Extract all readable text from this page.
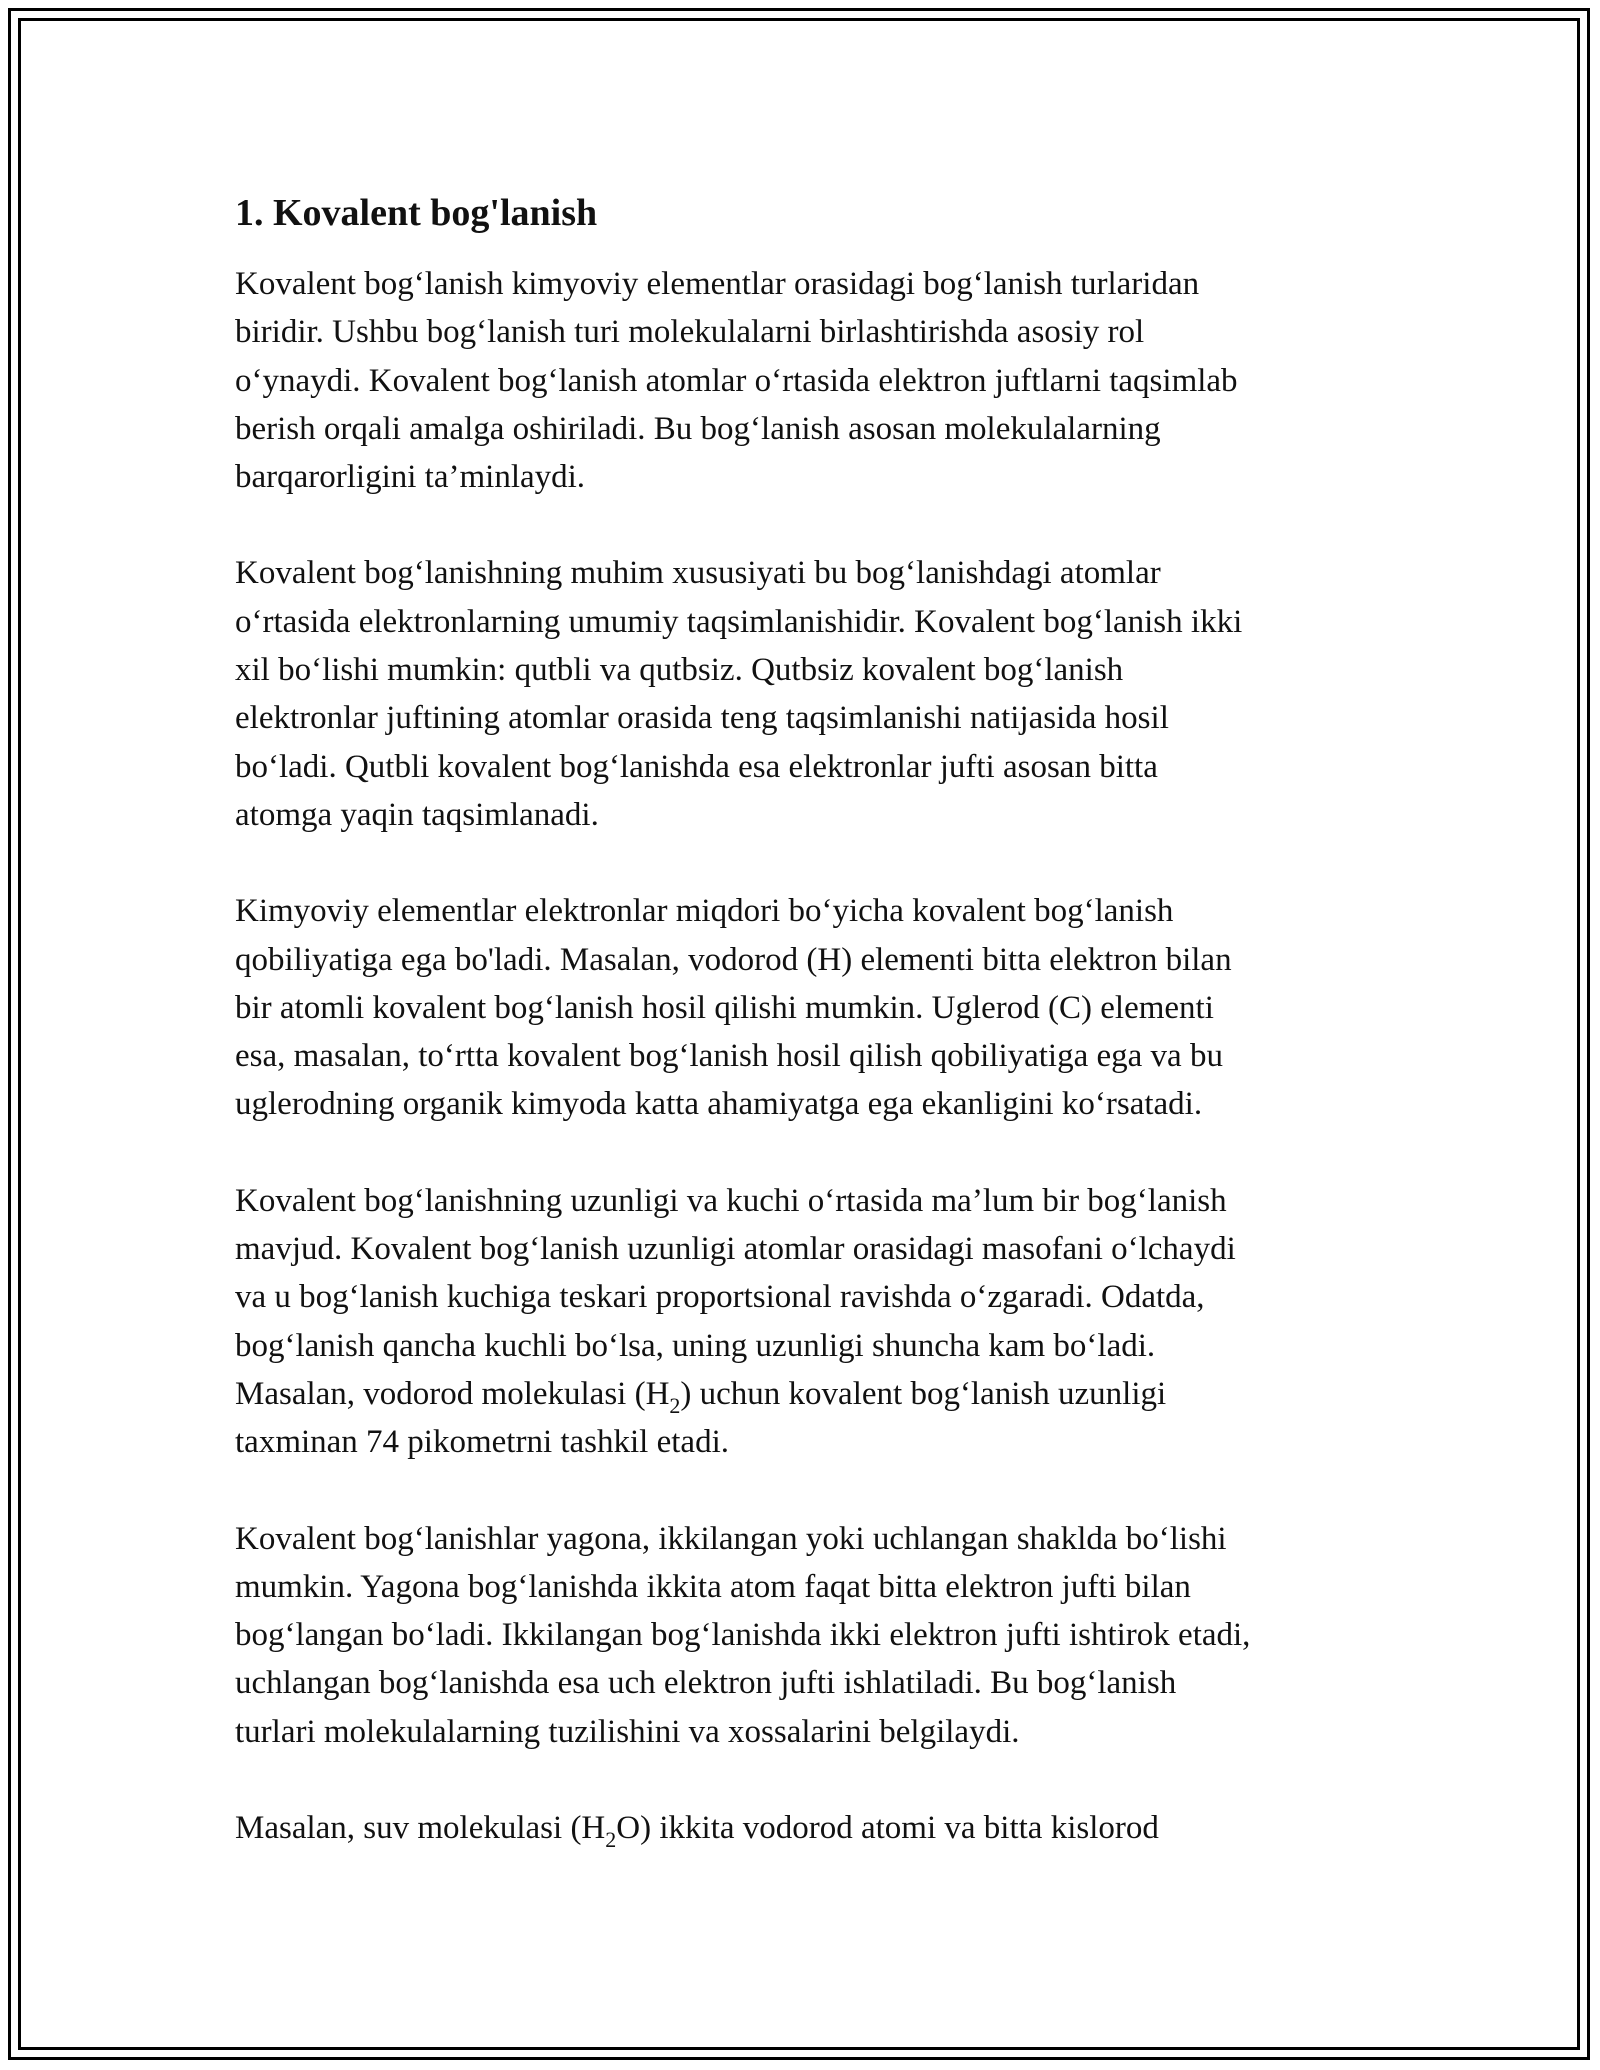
1. Kovalent bog'lanish
Kovalent bog‘lanish kimyoviy elementlar orasidagi bog‘lanish turlaridan
biridir. Ushbu bog‘lanish turi molekulalarni birlashtirishda asosiy rol
o‘ynaydi. Kovalent bog‘lanish atomlar o‘rtasida elektron juftlarni taqsimlab
berish orqali amalga oshiriladi. Bu bog‘lanish asosan molekulalarning
barqarorligini ta’minlaydi.
Kovalent bog‘lanishning muhim xususiyati bu bog‘lanishdagi atomlar
o‘rtasida elektronlarning umumiy taqsimlanishidir. Kovalent bog‘lanish ikki
xil bo‘lishi mumkin: qutbli va qutbsiz. Qutbsiz kovalent bog‘lanish
elektronlar juftining atomlar orasida teng taqsimlanishi natijasida hosil
bo‘ladi. Qutbli kovalent bog‘lanishda esa elektronlar jufti asosan bitta
atomga yaqin taqsimlanadi.
Kimyoviy elementlar elektronlar miqdori bo‘yicha kovalent bog‘lanish
qobiliyatiga ega bo'ladi. Masalan, vodorod (H) elementi bitta elektron bilan
bir atomli kovalent bog‘lanish hosil qilishi mumkin. Uglerod (C) elementi
esa, masalan, to‘rtta kovalent bog‘lanish hosil qilish qobiliyatiga ega va bu
uglerodning organik kimyoda katta ahamiyatga ega ekanligini ko‘rsatadi.
Kovalent bog‘lanishning uzunligi va kuchi o‘rtasida ma’lum bir bog‘lanish
mavjud. Kovalent bog‘lanish uzunligi atomlar orasidagi masofani o‘lchaydi
va u bog‘lanish kuchiga teskari proportsional ravishda o‘zgaradi. Odatda,
bog‘lanish qancha kuchli bo‘lsa, uning uzunligi shuncha kam bo‘ladi.
Masalan, vodorod molekulasi $(H_2)$ uchun kovalent bog‘lanish uzunligi
taxminan 74 pikometrni tashkil etadi.
Kovalent bog‘lanishlar yagona, ikkilangan yoki uchlangan shaklda bo‘lishi
mumkin. Yagona bog‘lanishda ikkita atom faqat bitta elektron jufti bilan
bog‘langan bo‘ladi. Ikkilangan bog‘lanishda ikki elektron jufti ishtirok etadi,
uchlangan bog‘lanishda esa uch elektron jufti ishlatiladi. Bu bog‘lanish
turlari molekulalarning tuzilishini va xossalarini belgilaydi.
Masalan, suv molekulasi $(H_2O)$ ikkita vodorod atomi va bitta kislorod
